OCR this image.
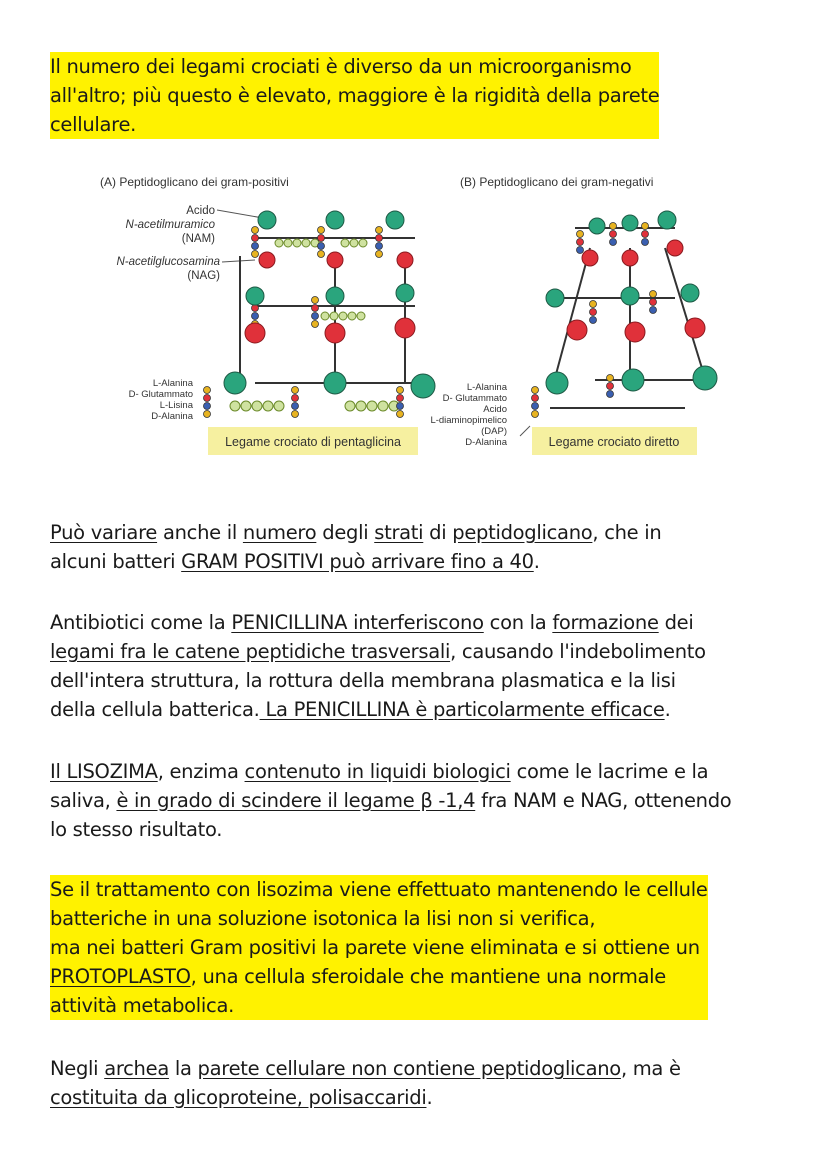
Il numero dei legami crociati è diverso da un microorganismo
all'altro; più questo è elevato, maggiore è la rigidità della parete
cellulare.
(A) Peptidoglicano dei gram-positivi
Acido
N-acetilmuramico
(NAM)
N-acetilglucosamina
(NAG)
L-Alanina
D- Glutammato
L-Lisina
D-Alanina
Legame crociato di pentaglicina
(B) Peptidoglicano dei gram-negativi
L-Alanina
D- Glutammato
Acido
L-diaminopimelico
(DAP)
D-Alanina	Legame crociato diretto
Può variare anche il numero degli strati di peptidoglicano, che in
alcuni batteri GRAM POSITIVI può arrivare fino a 40.
Antibiotici come la PENICILLINA interferiscono con la formazione dei
legami fra le catene peptidiche trasversali, causando l'indebolimento
dell'intera struttura, la rottura della membrana plasmatica e la lisi
della cellula batterica. La PENICILLINA è particolarmente efficace.
Il LISOZIMA, enzima contenuto in liquidi biologici come le lacrime e la
saliva, è in grado di scindere il legame β -1,4 fra NAM e NAG, ottenendo
lo stesso risultato.
Se il trattamento con lisozima viene effettuato mantenendo le cellule
batteriche in una soluzione isotonica la lisi non si verifica,
ma nei batteri Gram positivi la parete viene eliminata e si ottiene un
PROTOPLASTO, una cellula sferoidale che mantiene una normale
attività metabolica.
Negli archea la parete cellulare non contiene peptidoglicano, ma è
costituita da glicoproteine, polisaccaridi.
